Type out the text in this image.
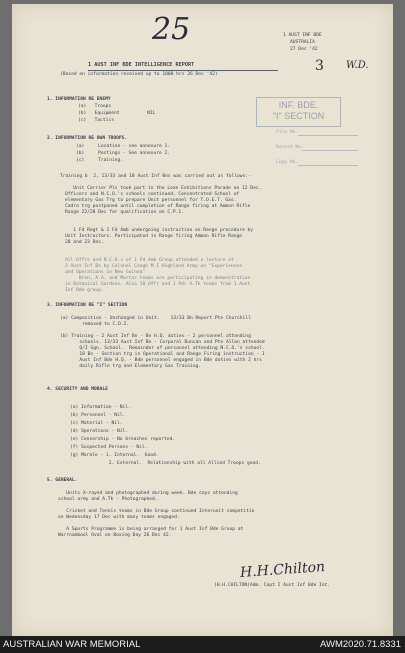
25
3 W.D.
1 AUST INF BDE
AUSTRALIA
27 Dec '42
1 AUST INF BDE INTELLIGENCE REPORT
(Based on information received up to 1800 hrs 26 Dec '42)
INF. BDE.
"I" SECTION
File No.
Record No.
Copy No.
1. INFORMATION RE ENEMY
(a)   Troops
(b)   Equipment          NIL
(c)   Tactics
2. INFORMATION RE OWN TROOPS.
(a)     Location - see annexure 1.
(b)     Postings - See annexure 2.
(c)     Training.
Training b  2, 13/33 and 18 Aust Inf Bns was carried out as follows:-
Unit Carrier Pls took part in the Loan Exhibitions Parade on 12 Dec.
Officers and N.C.O.'s schools continued. Concentrated School of
elementary Gas Trg to prepare Unit personnel for T.O.E.T. Gas.
Cadre trg postponed until completion of Range firing at Ammon Rifle
Range 22/28 Dec for qualification on C.P.1.
1 Fd Regt & 1 Fd Amb undergoing instruction on Range procedure by
Unit Instructors. Participated in Range firing Ammon Rifle Range
20 and 23 Dec.
All Offrs and N.C.O.s of 1 Fd Amb Group attended a lecture at
2 Aust Inf Bn by Colonel Coogh M I Highland Army on "Experiences
and Operations in New Guinea"
Bren, A.A. and Mortar teams are participating in demonstration
in Botanical Gardens. Also 10 Offr and 1 Pdr A.Tk teams from 1 Aust
Inf Bde group.
3. INFORMATION RE "I" SECTION
(a) Composition - Unchanged in Unit.    13/33 Bn Report Pte Churchill
removed to C.D.I.
(b) Training - 2 Aust Inf Bn - Bn H.Q. duties - 2 personnel attending
schools. 13/33 Aust Inf Bn - Corporal Duncan and Pte Allen attended
Q/I Sgn. School.  Remainder of personnel attending N.C.O.'s school.
18 Bn - Section trg in Operational and Range Firing instruction - 1
Aust Inf Bde H.Q. - Bde personnel engaged in Bde duties with 2 hrs
daily Rifle trg and Elementary Gas Training.
4. SECURITY AND MORALE
(a) Information - Nil.
(b) Personnel - Nil.
(c) Material - Nil.
(d) Operations - Nil.
(e) Censorship - No breaches reported.
(f) Suspected Persons - Nil.
(g) Morale - 1. Internal.  Good.
2. External.  Relationship with all Allied Troops good.
5. GENERAL.
Units X-rayed and photographed during week. Bde coys attending
school army and A.Tk - Photographed.
Cricket and Tennis teams in Bde Group continued Interunit competitio
on Wednesday 17 Dec with many teams engaged.
A Sports Programme is being arranged for 1 Aust Inf Bde Group at
Warrnambool Oval on Boxing Day 26 Dec 42.
H.H.Chilton
(H.H.CHILTON)Adm. Capt I Aust Inf Bde Int.
AUSTRALIAN WAR MEMORIAL	AWM2020.71.8331
